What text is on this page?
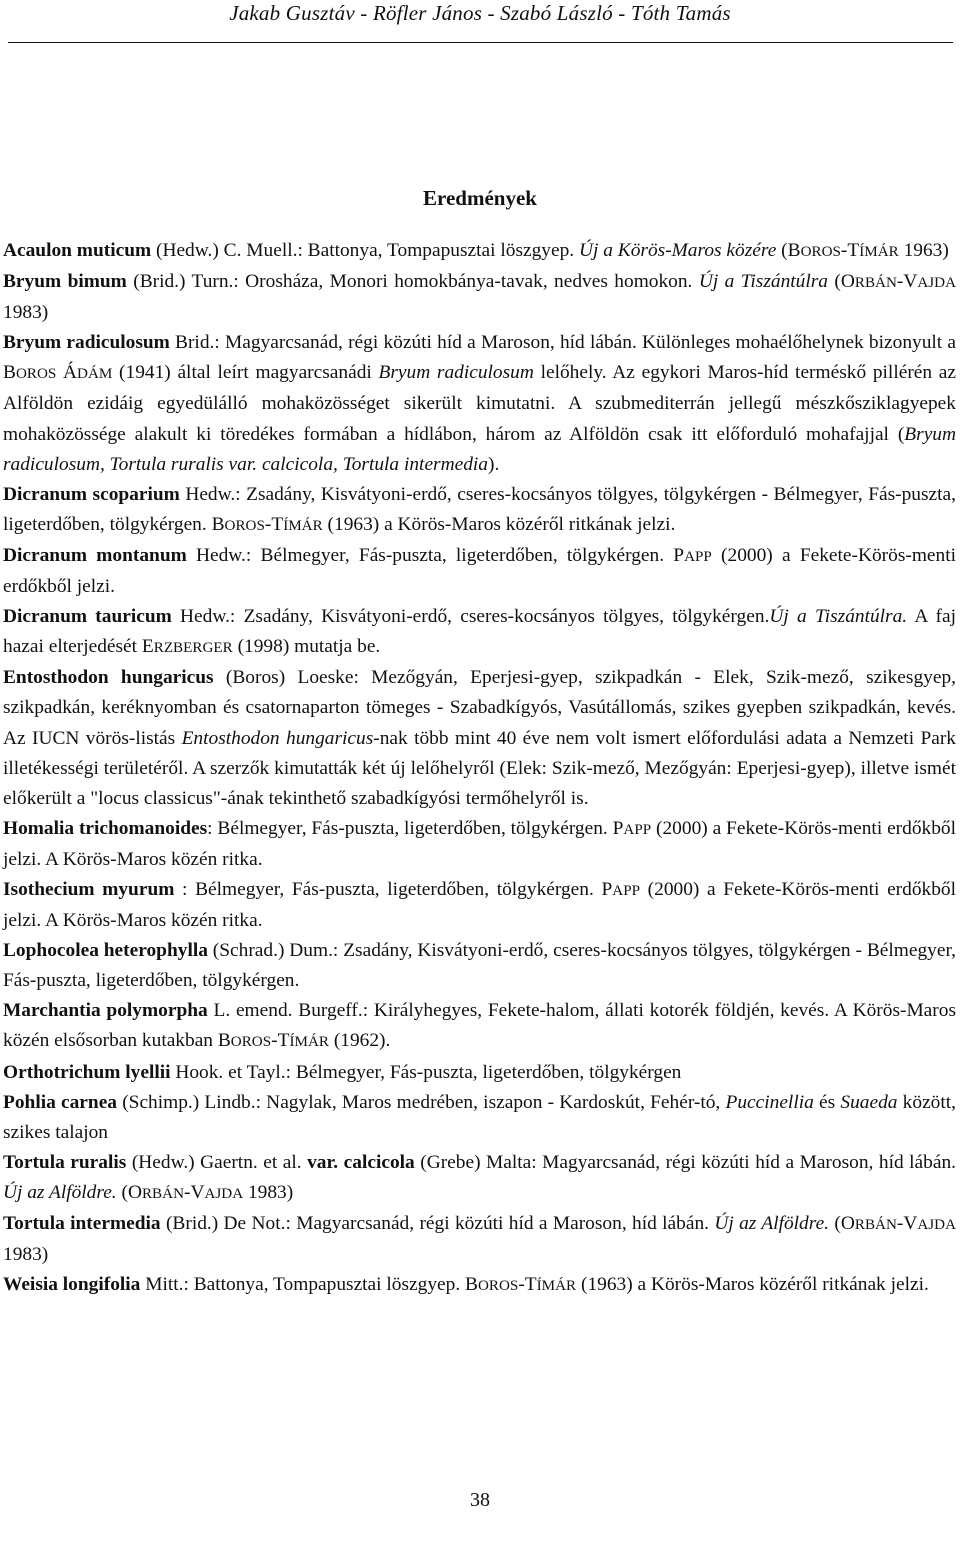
Jakab Gusztáv - Röfler János - Szabó László - Tóth Tamás
Eredmények

Acaulon muticum (Hedw.) C. Muell.: Battonya, Tompapusztai löszgyep. Új a Körös-Maros közére (BOROS-TÍMÁR 1963)

Bryum bimum (Brid.) Turn.: Orosháza, Monori homokbánya-tavak, nedves homokon. Új a Tiszántúlra (ORBÁN-VAJDA 1983)

Bryum radiculosum Brid.: Magyarcsanád, régi közúti híd a Maroson, híd lábán. Különleges mohaélőhelynek bizonyult a BOROS ÁDÁM (1941) által leírt magyarcsanádi Bryum radiculosum lelőhely. Az egykori Maros-híd terméskő pillérén az Alföldön ezidáig egyedülálló mohaközösséget sikerült kimutatni. A szubmediterrán jellegű mészkősziklagyepek mohaközössége alakult ki töredékes formában a hídlábon, három az Alföldön csak itt előforduló mohafajjal (Bryum radiculosum, Tortula ruralis var. calcicola, Tortula intermedia).

Dicranum scoparium Hedw.: Zsadány, Kisvátyoni-erdő, cseres-kocsányos tölgyes, tölgykérgen - Bélmegyer, Fás-puszta, ligeterdőben, tölgykérgen. BOROS-TÍMÁR (1963) a Körös-Maros közéről ritkának jelzi.

Dicranum montanum Hedw.: Bélmegyer, Fás-puszta, ligeterdőben, tölgykérgen. PAPP (2000) a Fekete-Körös-menti erdőkből jelzi.

Dicranum tauricum Hedw.: Zsadány, Kisvátyoni-erdő, cseres-kocsányos tölgyes, tölgykérgen.Új a Tiszántúlra. A faj hazai elterjedését ERZBERGER (1998) mutatja be.

Entosthodon hungaricus (Boros) Loeske: Mezőgyán, Eperjesi-gyep, szikpadkán - Elek, Szik-mező, szikesgyep, szikpadkán, keréknyomban és csatornaparton tömeges - Szabadkígyós, Vasútállomás, szikes gyepben szikpadkán, kevés. Az IUCN vörös-listás Entosthodon hungaricus-nak több mint 40 éve nem volt ismert előfordulási adata a Nemzeti Park illetékességi területéről. A szerzők kimutatták két új lelőhelyről (Elek: Szik-mező, Mezőgyán: Eperjesi-gyep), illetve ismét előkerült a "locus classicus"-ának tekinthető szabadkígyósi termőhelyről is.

Homalia trichomanoides: Bélmegyer, Fás-puszta, ligeterdőben, tölgykérgen. PAPP (2000) a Fekete-Körös-menti erdőkből jelzi. A Körös-Maros közén ritka.

Isothecium myurum : Bélmegyer, Fás-puszta, ligeterdőben, tölgykérgen. PAPP (2000) a Fekete-Körös-menti erdőkből jelzi. A Körös-Maros közén ritka.

Lophocolea heterophylla (Schrad.) Dum.: Zsadány, Kisvátyoni-erdő, cseres-kocsányos tölgyes, tölgykérgen - Bélmegyer, Fás-puszta, ligeterdőben, tölgykérgen.

Marchantia polymorpha L. emend. Burgeff.: Királyhegyes, Fekete-halom, állati kotorék földjén, kevés. A Körös-Maros közén elsősorban kutakban BOROS-TÍMÁR (1962).

Orthotrichum lyellii Hook. et Tayl.: Bélmegyer, Fás-puszta, ligeterdőben, tölgykérgen

Pohlia carnea (Schimp.) Lindb.: Nagylak, Maros medrében, iszapon - Kardoskút, Fehér-tó, Puccinellia és Suaeda között, szikes talajon

Tortula ruralis (Hedw.) Gaertn. et al. var. calcicola (Grebe) Malta: Magyarcsanád, régi közúti híd a Maroson, híd lábán. Új az Alföldre. (ORBÁN-VAJDA 1983)

Tortula intermedia (Brid.) De Not.: Magyarcsanád, régi közúti híd a Maroson, híd lábán. Új az Alföldre. (ORBÁN-VAJDA 1983)

Weisia longifolia Mitt.: Battonya, Tompapusztai löszgyep. BOROS-TÍMÁR (1963) a Körös-Maros közéről ritkának jelzi.

38
